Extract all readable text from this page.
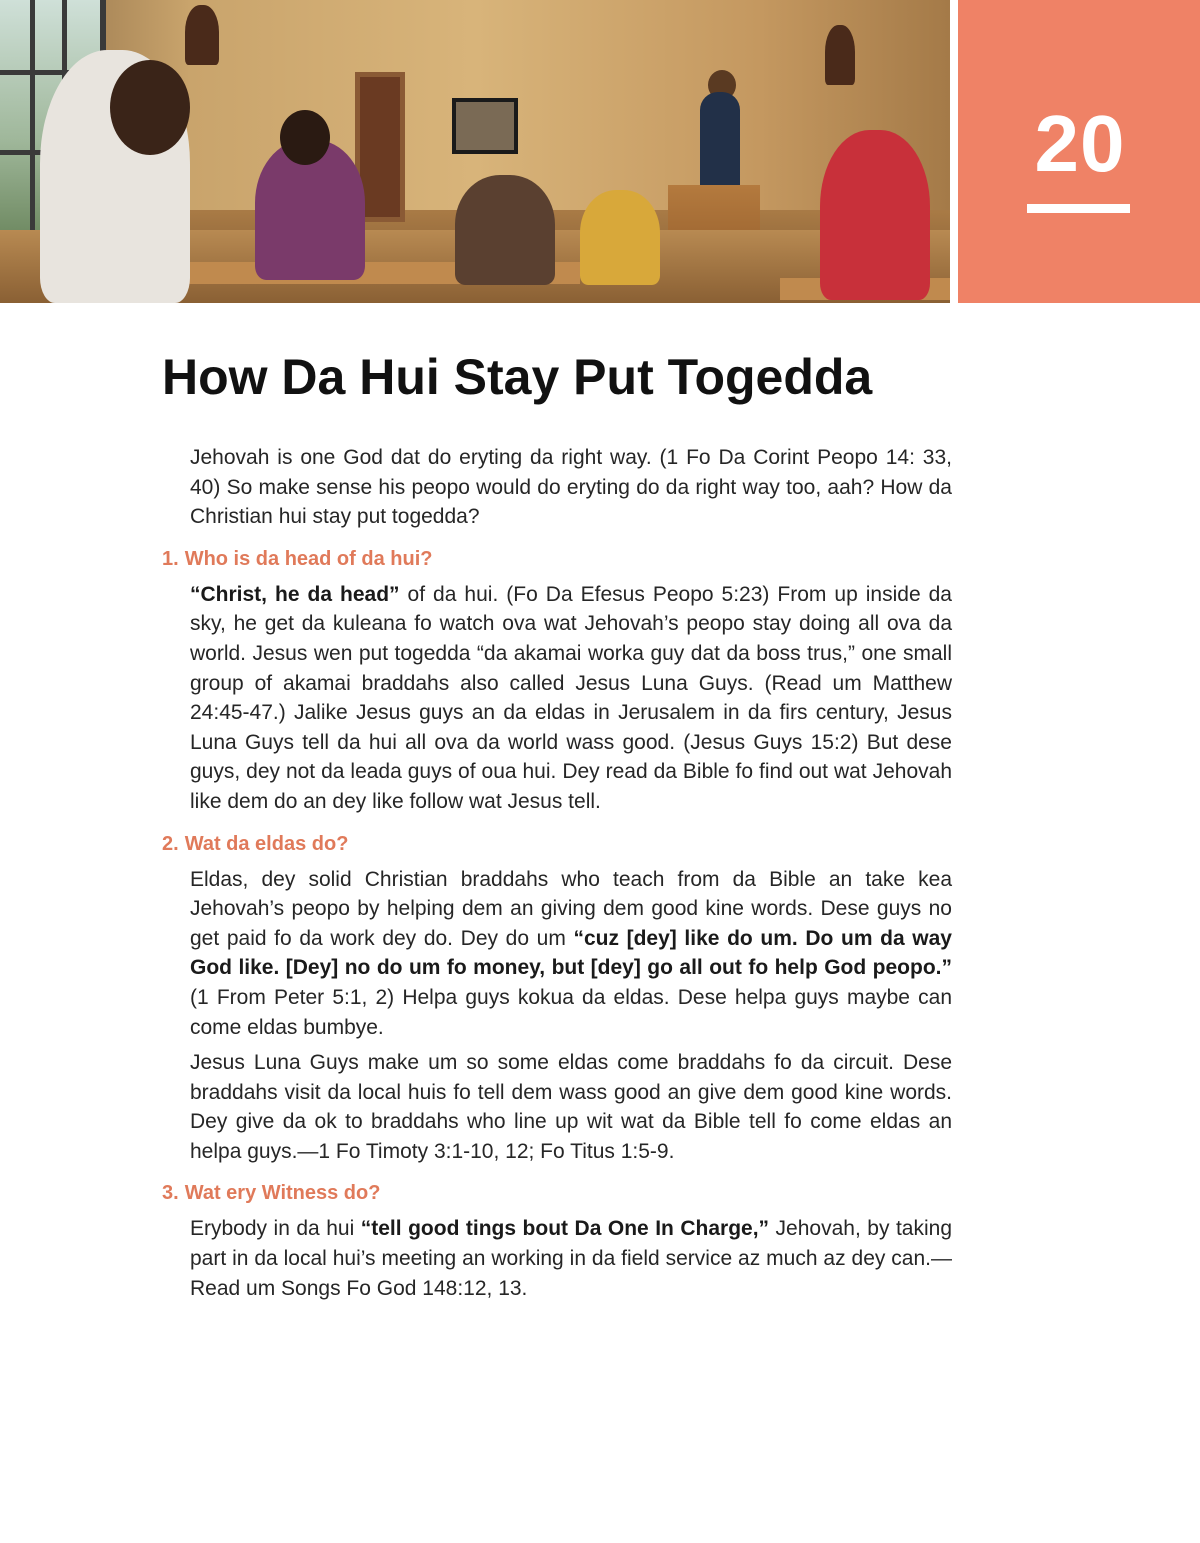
20
How Da Hui Stay Put Togedda

Jehovah is one God dat do eryting da right way. (1 Fo Da Corint Peopo 14: 33, 40) So make sense his peopo would do eryting do da right way too, aah? How da Christian hui stay put togedda?

1. Who is da head of da hui?

“Christ, he da head” of da hui. (Fo Da Efesus Peopo 5:23) From up inside da sky, he get da kuleana fo watch ova wat Jehovah’s peopo stay doing all ova da world. Jesus wen put togedda “da akamai worka guy dat da boss trus,” one small group of akamai braddahs also called Jesus Luna Guys. (Read um Matthew 24:45-47.) Jalike Jesus guys an da eldas in Jerusalem in da firs century, Jesus Luna Guys tell da hui all ova da world wass good. (Jesus Guys 15:2) But dese guys, dey not da leada guys of oua hui. Dey read da Bible fo find out wat Jehovah like dem do an dey like follow wat Jesus tell.

2. Wat da eldas do?

Eldas, dey solid Christian braddahs who teach from da Bible an take kea Jehovah’s peopo by helping dem an giving dem good kine words. Dese guys no get paid fo da work dey do. Dey do um “cuz [dey] like do um. Do um da way God like. [Dey] no do um fo money, but [dey] go all out fo help God peopo.” (1 From Peter 5:1, 2) Helpa guys kokua da eldas. Dese helpa guys maybe can come eldas bumbye.

Jesus Luna Guys make um so some eldas come braddahs fo da circuit. Dese braddahs visit da local huis fo tell dem wass good an give dem good kine words. Dey give da ok to braddahs who line up wit wat da Bible tell fo come eldas an helpa guys.—1 Fo Timoty 3:1-10, 12; Fo Titus 1:5-9.

3. Wat ery Witness do?

Erybody in da hui “tell good tings bout Da One In Charge,” Jehovah, by taking part in da local hui’s meeting an working in da field service az much az dey can.—Read um Songs Fo God 148:12, 13.
